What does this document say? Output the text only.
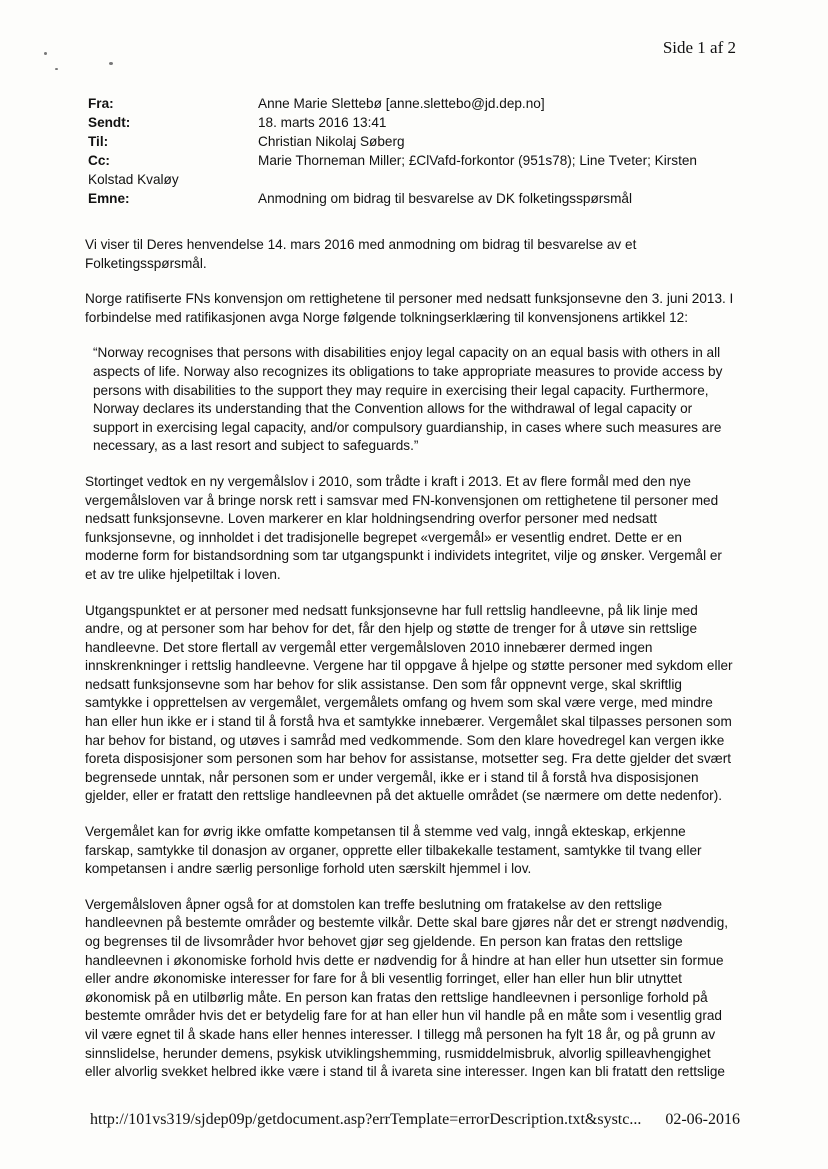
Side 1 af 2
Fra:	Anne Marie Slettebø [anne.slettebo@jd.dep.no]
Sendt:	18. marts 2016 13:41
Til:	Christian Nikolaj Søberg
Cc:	Marie Thorneman Miller; £ClVafd-forkontor (951s78); Line Tveter; Kirsten Kolstad Kvaløy
Emne:	Anmodning om bidrag til besvarelse av DK folketingsspørsmål

Vi viser til Deres henvendelse 14. mars 2016 med anmodning om bidrag til besvarelse av et Folketingsspørsmål.

Norge ratifiserte FNs konvensjon om rettighetene til personer med nedsatt funksjonsevne den 3. juni 2013. I forbindelse med ratifikasjonen avga Norge følgende tolkningserklæring til konvensjonens artikkel 12:

“Norway recognises that persons with disabilities enjoy legal capacity on an equal basis with others in all aspects of life. Norway also recognizes its obligations to take appropriate measures to provide access by persons with disabilities to the support they may require in exercising their legal capacity. Furthermore, Norway declares its understanding that the Convention allows for the withdrawal of legal capacity or support in exercising legal capacity, and/or compulsory guardianship, in cases where such measures are necessary, as a last resort and subject to safeguards.”

Stortinget vedtok en ny vergemålslov i 2010, som trådte i kraft i 2013. Et av flere formål med den nye vergemålsloven var å bringe norsk rett i samsvar med FN-konvensjonen om rettighetene til personer med nedsatt funksjonsevne. Loven markerer en klar holdningsendring overfor personer med nedsatt funksjonsevne, og innholdet i det tradisjonelle begrepet «vergemål» er vesentlig endret. Dette er en moderne form for bistandsordning som tar utgangspunkt i individets integritet, vilje og ønsker. Vergemål er et av tre ulike hjelpetiltak i loven.

Utgangspunktet er at personer med nedsatt funksjonsevne har full rettslig handleevne, på lik linje med andre, og at personer som har behov for det, får den hjelp og støtte de trenger for å utøve sin rettslige handleevne. Det store flertall av vergemål etter vergemålsloven 2010 innebærer dermed ingen innskrenkninger i rettslig handleevne. Vergene har til oppgave å hjelpe og støtte personer med sykdom eller nedsatt funksjonsevne som har behov for slik assistanse. Den som får oppnevnt verge, skal skriftlig samtykke i opprettelsen av vergemålet, vergemålets omfang og hvem som skal være verge, med mindre han eller hun ikke er i stand til å forstå hva et samtykke innebærer. Vergemålet skal tilpasses personen som har behov for bistand, og utøves i samråd med vedkommende. Som den klare hovedregel kan vergen ikke foreta disposisjoner som personen som har behov for assistanse, motsetter seg. Fra dette gjelder det svært begrensede unntak, når personen som er under vergemål, ikke er i stand til å forstå hva disposisjonen gjelder, eller er fratatt den rettslige handleevnen på det aktuelle området (se nærmere om dette nedenfor).

Vergemålet kan for øvrig ikke omfatte kompetansen til å stemme ved valg, inngå ekteskap, erkjenne farskap, samtykke til donasjon av organer, opprette eller tilbakekalle testament, samtykke til tvang eller kompetansen i andre særlig personlige forhold uten særskilt hjemmel i lov.

Vergemålsloven åpner også for at domstolen kan treffe beslutning om fratakelse av den rettslige handleevnen på bestemte områder og bestemte vilkår. Dette skal bare gjøres når det er strengt nødvendig, og begrenses til de livsområder hvor behovet gjør seg gjeldende. En person kan fratas den rettslige handleevnen i økonomiske forhold hvis dette er nødvendig for å hindre at han eller hun utsetter sin formue eller andre økonomiske interesser for fare for å bli vesentlig forringet, eller han eller hun blir utnyttet økonomisk på en utilbørlig måte. En person kan fratas den rettslige handleevnen i personlige forhold på bestemte områder hvis det er betydelig fare for at han eller hun vil handle på en måte som i vesentlig grad vil være egnet til å skade hans eller hennes interesser. I tillegg må personen ha fylt 18 år, og på grunn av sinnslidelse, herunder demens, psykisk utviklingshemming, rusmiddelmisbruk, alvorlig spilleavhengighet eller alvorlig svekket helbred ikke være i stand til å ivareta sine interesser. Ingen kan bli fratatt den rettslige

http://101vs319/sjdep09p/getdocument.asp?errTemplate=errorDescription.txt&systc... 02-06-2016
